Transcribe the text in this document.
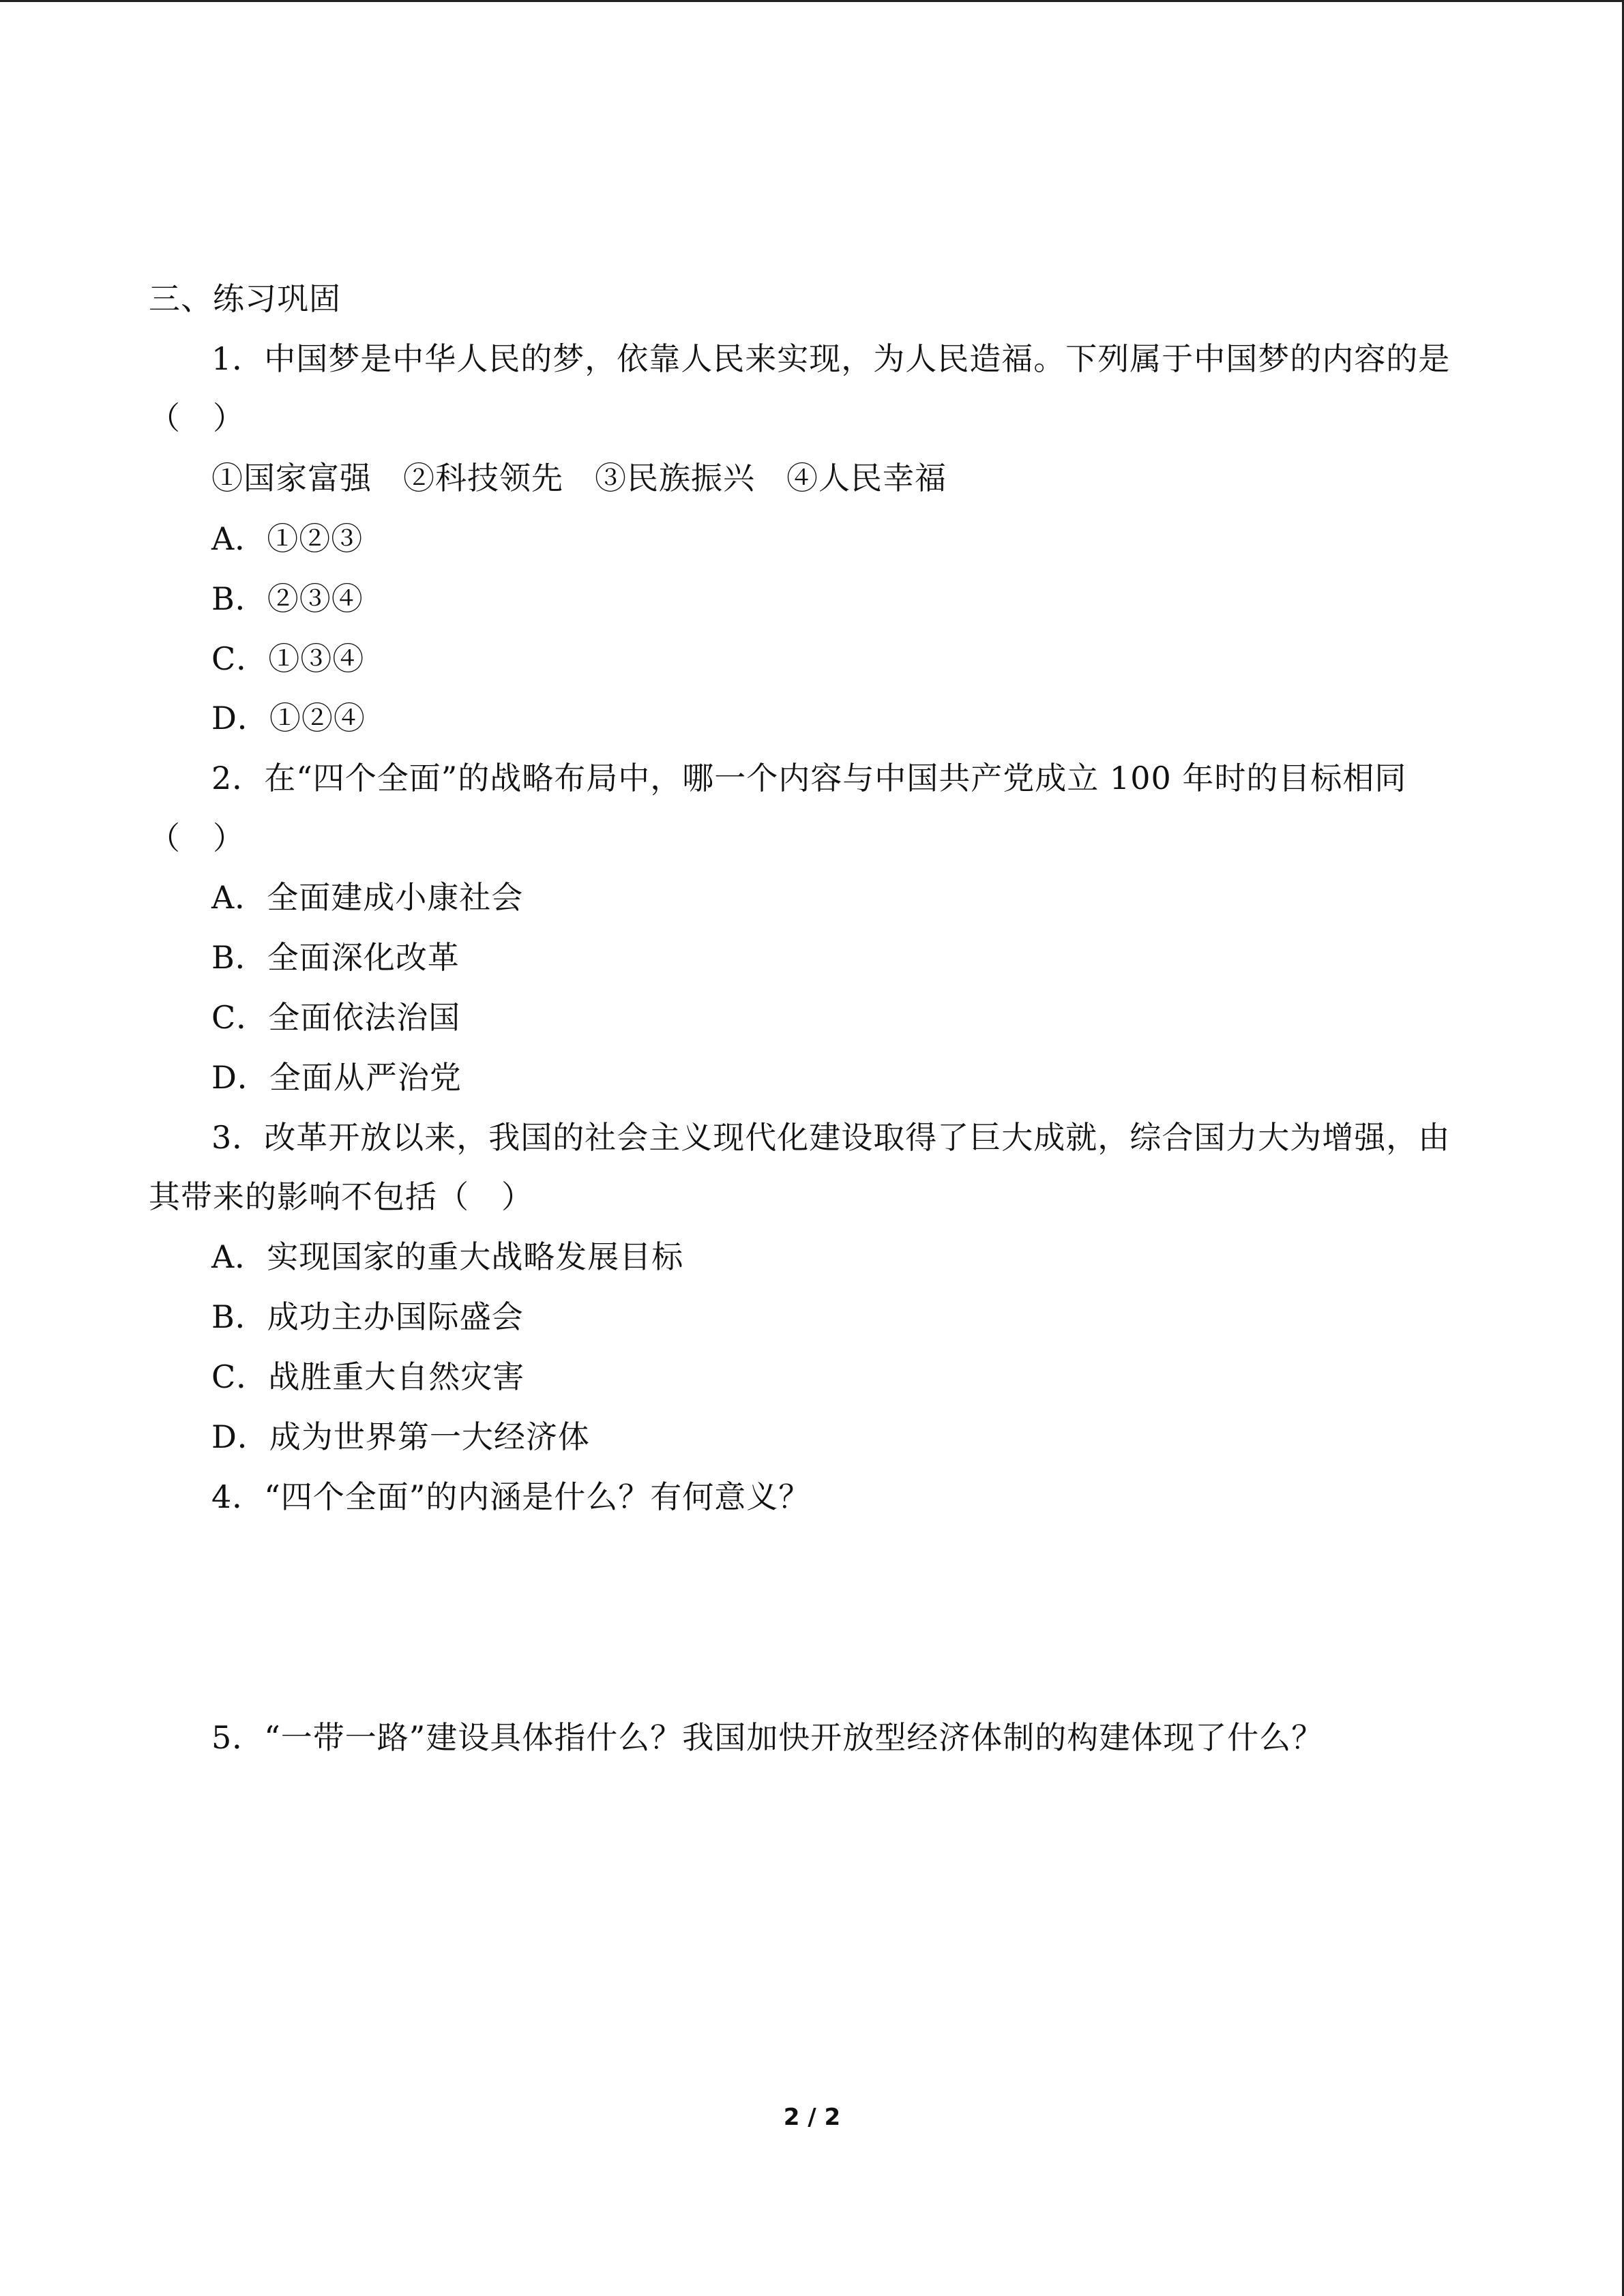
三、练习巩固
1．中国梦是中华人民的梦，依靠人民来实现，为人民造福。下列属于中国梦的内容的是
（　）
①国家富强 ②科技领先 ③民族振兴 ④人民幸福
A．①②③
B．②③④
C．①③④
D．①②④
2．在“四个全面”的战略布局中，哪一个内容与中国共产党成立 100 年时的目标相同
（　）
A．全面建成小康社会
B．全面深化改革
C．全面依法治国
D．全面从严治党
3．改革开放以来，我国的社会主义现代化建设取得了巨大成就，综合国力大为增强，由
其带来的影响不包括（　）
A．实现国家的重大战略发展目标
B．成功主办国际盛会
C．战胜重大自然灾害
D．成为世界第一大经济体
4．“四个全面”的内涵是什么？有何意义？
5．“一带一路”建设具体指什么？我国加快开放型经济体制的构建体现了什么？
2 / 2
